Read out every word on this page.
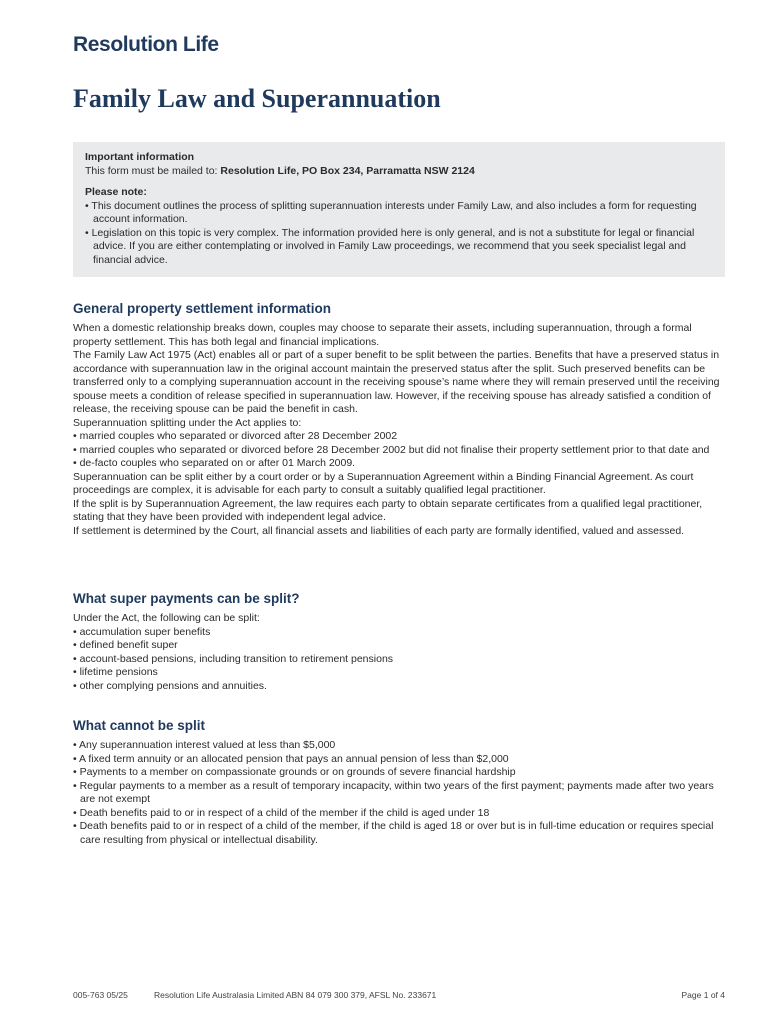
Resolution Life
Family Law and Superannuation
Important information
This form must be mailed to: Resolution Life, PO Box 234, Parramatta NSW 2124
Please note:
• This document outlines the process of splitting superannuation interests under Family Law, and also includes a form for requesting account information.
• Legislation on this topic is very complex. The information provided here is only general, and is not a substitute for legal or financial advice. If you are either contemplating or involved in Family Law proceedings, we recommend that you seek specialist legal and financial advice.
General property settlement information

When a domestic relationship breaks down, couples may choose to separate their assets, including superannuation, through a formal property settlement. This has both legal and financial implications.

The Family Law Act 1975 (Act) enables all or part of a super benefit to be split between the parties. Benefits that have a preserved status in accordance with superannuation law in the original account maintain the preserved status after the split. Such preserved benefits can be transferred only to a complying superannuation account in the receiving spouse’s name where they will remain preserved until the receiving spouse meets a condition of release specified in superannuation law. However, if the receiving spouse has already satisfied a condition of release, the receiving spouse can be paid the benefit in cash.

Superannuation splitting under the Act applies to:

• married couples who separated or divorced after 28 December 2002
• married couples who separated or divorced before 28 December 2002 but did not finalise their property settlement prior to that date and
• de-facto couples who separated on or after 01 March 2009.

Superannuation can be split either by a court order or by a Superannuation Agreement within a Binding Financial Agreement. As court proceedings are complex, it is advisable for each party to consult a suitably qualified legal practitioner.

If the split is by Superannuation Agreement, the law requires each party to obtain separate certificates from a qualified legal practitioner, stating that they have been provided with independent legal advice.

If settlement is determined by the Court, all financial assets and liabilities of each party are formally identified, valued and assessed.

What super payments can be split?

Under the Act, the following can be split:

• accumulation super benefits
• defined benefit super
• account-based pensions, including transition to retirement pensions
• lifetime pensions
• other complying pensions and annuities.
What cannot be split
• Any superannuation interest valued at less than $5,000
• A fixed term annuity or an allocated pension that pays an annual pension of less than $2,000
• Payments to a member on compassionate grounds or on grounds of severe financial hardship
• Regular payments to a member as a result of temporary incapacity, within two years of the first payment; payments made after two years are not exempt
• Death benefits paid to or in respect of a child of the member if the child is aged under 18
• Death benefits paid to or in respect of a child of the member, if the child is aged 18 or over but is in full-time education or requires special care resulting from physical or intellectual disability.
005-763 05/25	Resolution Life Australasia Limited ABN 84 079 300 379, AFSL No. 233671	Page 1 of 4
